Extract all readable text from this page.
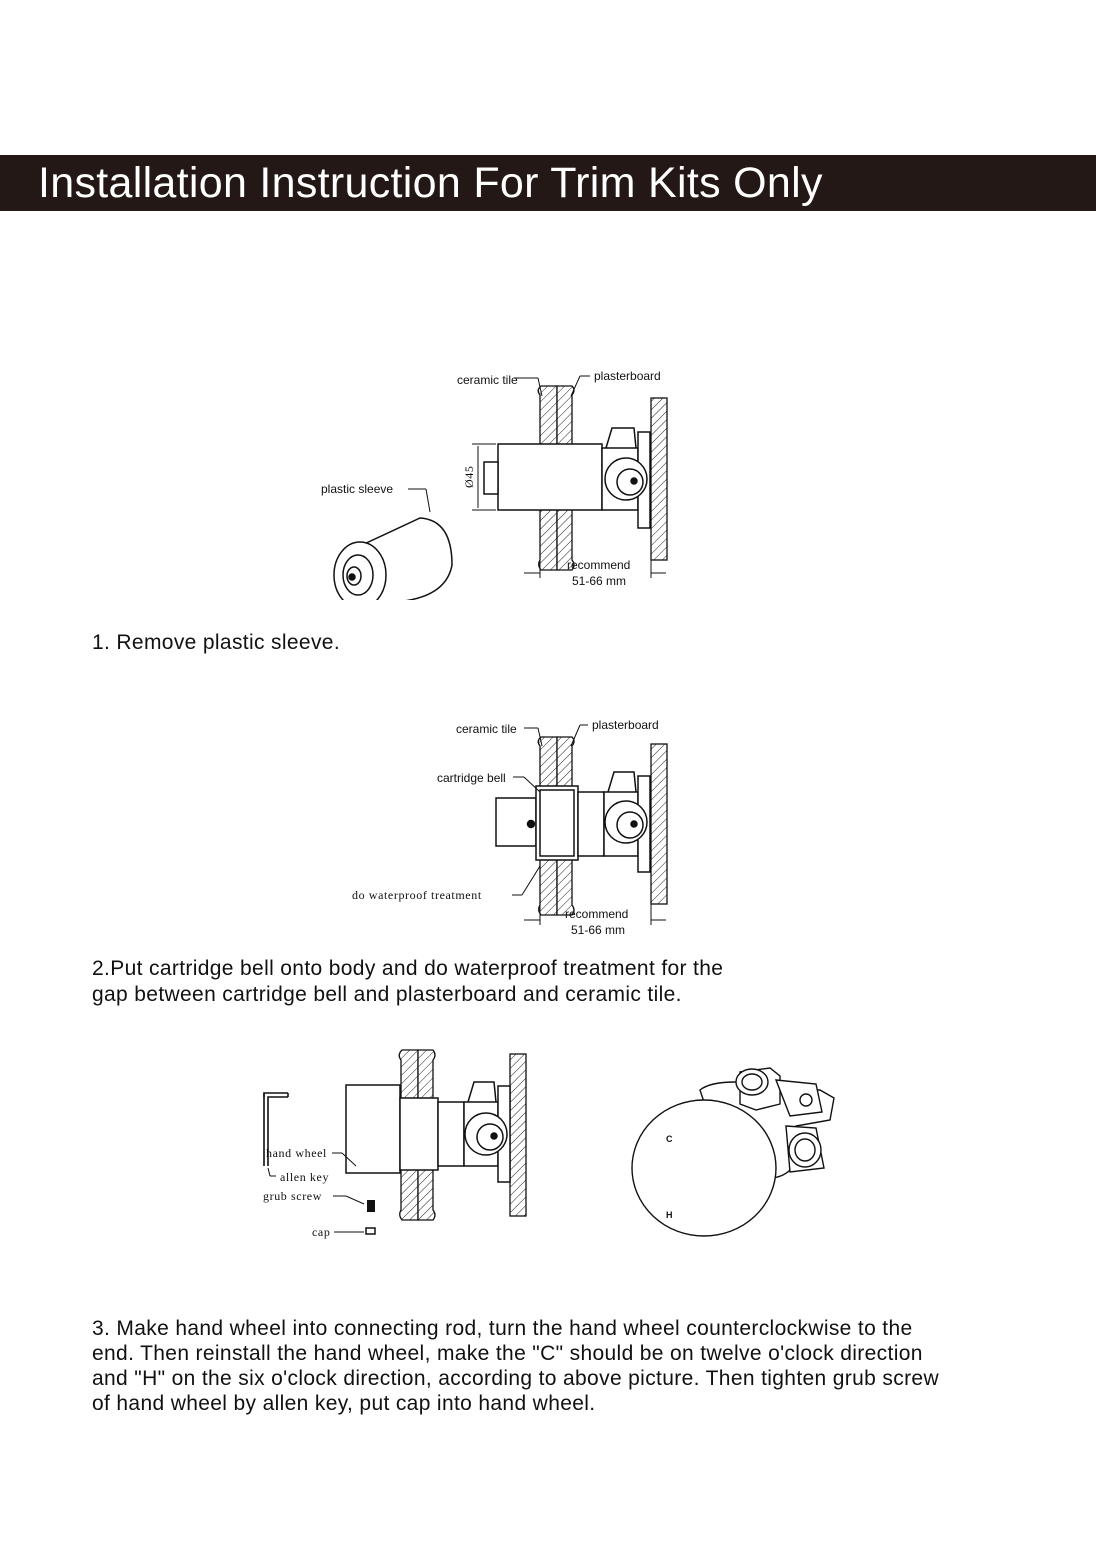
Installation Instruction For Trim Kits Only
Ø45
ceramic tile	plasterboard
plastic sleeve
recommend
51-66 mm
1. Remove plastic sleeve.
ceramic tile	plasterboard
cartridge bell
do waterproof treatment
recommend
51-66 mm
2.Put cartridge bell onto body and do waterproof treatment for the
gap between cartridge bell and plasterboard and ceramic tile.
hand wheel
allen key
grub screw
cap
C
H
3. Make hand wheel into connecting rod, turn the hand wheel counterclockwise to the
end. Then reinstall the hand wheel, make the "C" should be on twelve o'clock direction
and "H" on the six o'clock direction, according to above picture. Then tighten grub screw
of hand wheel by allen key, put cap into hand wheel.
